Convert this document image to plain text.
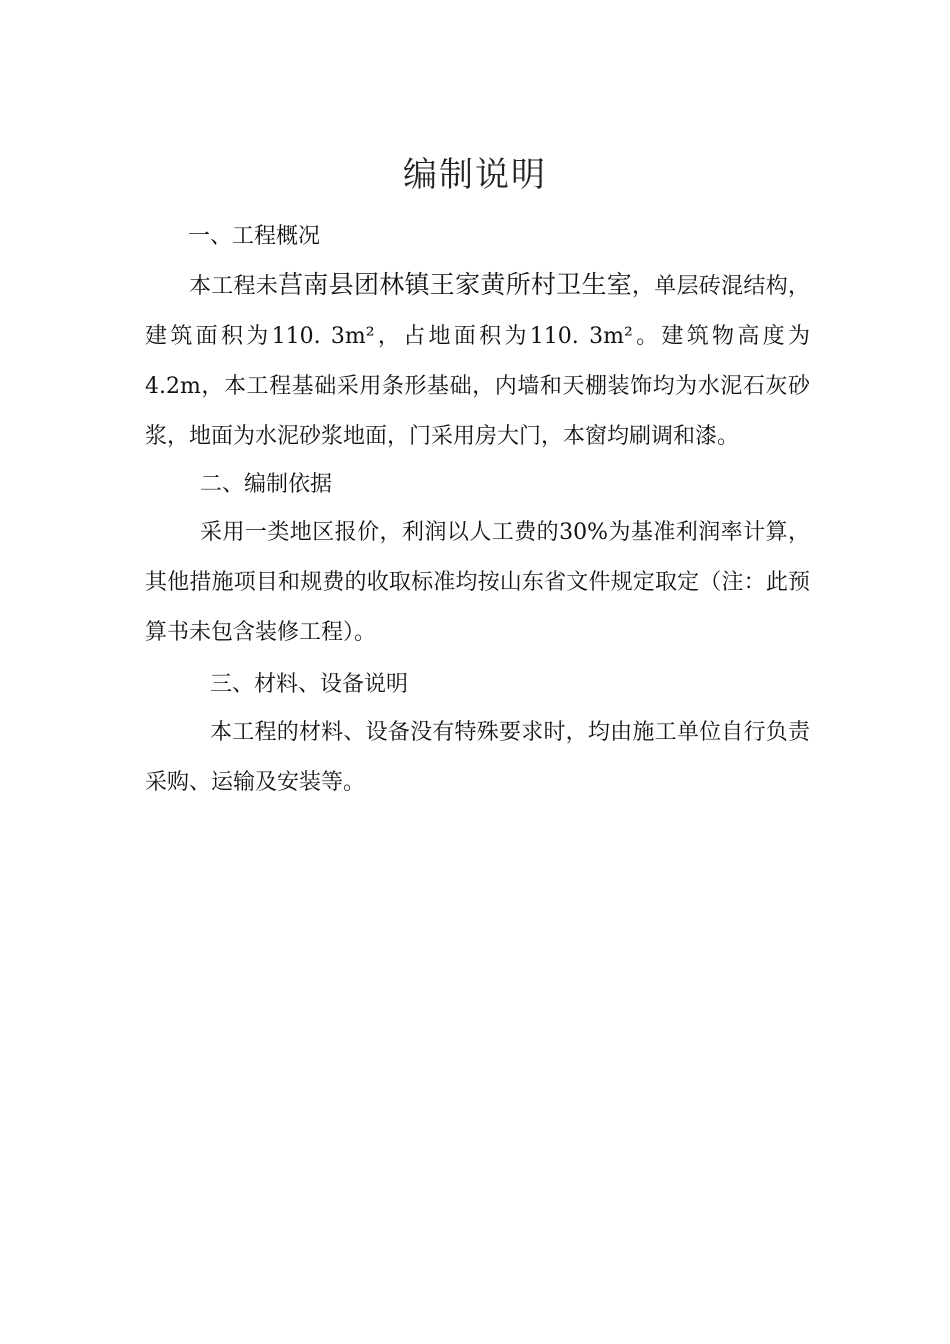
编制说明
一、工程概况

本工程未莒南县团林镇王家黄所村卫生室，单层砖混结构，建筑面积为110. 3m²，占地面积为110. 3m²。建筑物高度为4.2m，本工程基础采用条形基础，内墙和天棚装饰均为水泥石灰砂浆，地面为水泥砂浆地面，门采用房大门，本窗均刷调和漆。

二、编制依据

采用一类地区报价，利润以人工费的30%为基准利润率计算，其他措施项目和规费的收取标准均按山东省文件规定取定（注：此预算书未包含装修工程）。

三、材料、设备说明

本工程的材料、设备没有特殊要求时，均由施工单位自行负责采购、运输及安装等。
